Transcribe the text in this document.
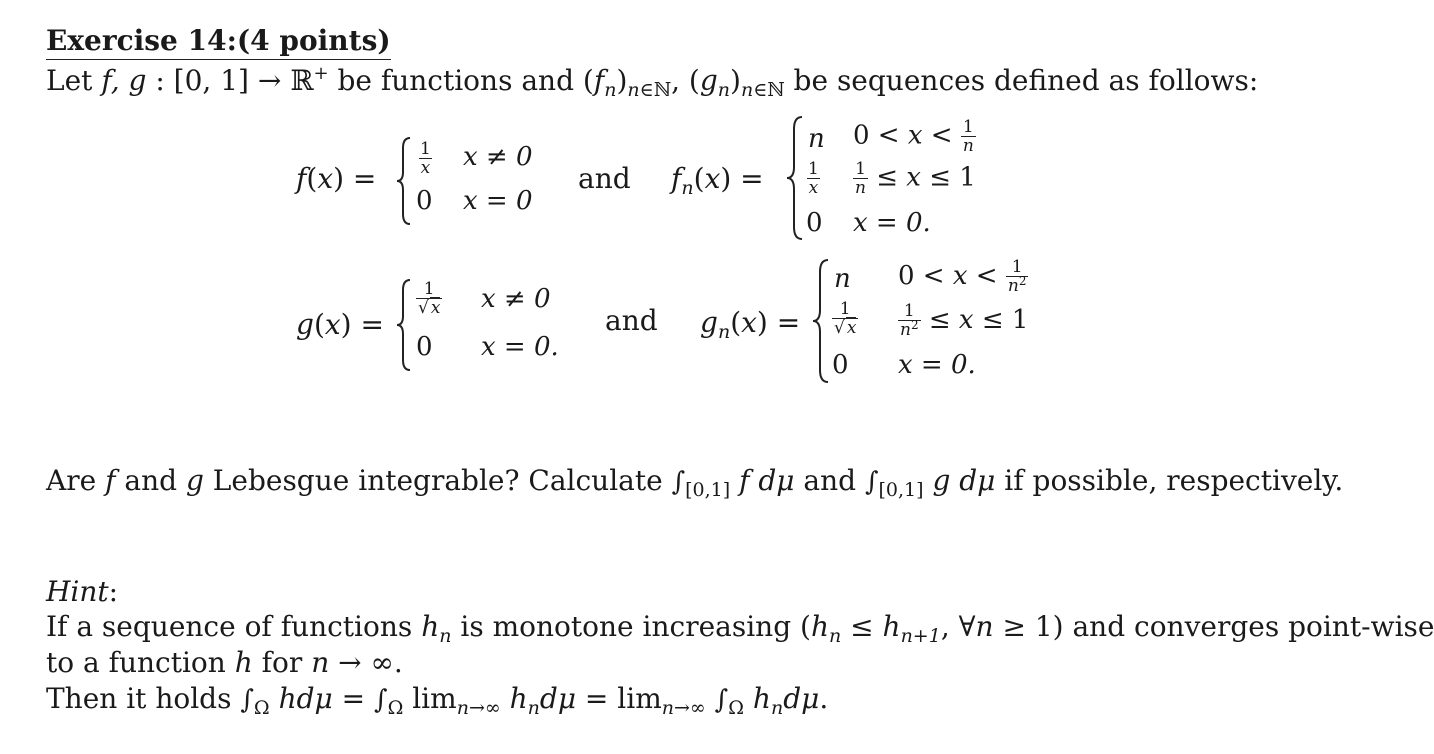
Exercise 14:(4 points)
Let f, g : [0, 1] → ℝ+ be functions and $(f_n)_{n\in ℕ}$, $(g_n)_{n\in ℕ}$ be sequences defined as follows:
f(x) =
$\frac{1}{x}$ x ≠ 0
0 x = 0
and $f_n(x)$ =
n $0 < x < \frac{1}{n}$
$\frac{1}{x} \frac{1}{n} \le x \le 1$
0 x = 0.
g(x) =
$\frac{1}{√ x}$ x ≠ 0
0 x = 0.
and $g_n(x)$ =
n $0 < x < \frac{1}{n^2}$
$\frac{1}{√ x} \frac{1}{n^2} \le x \le 1$
0 x = 0.
Are f and g Lebesgue integrable? Calculate $\int_{[0,1]}$ f dμ and $\int_{[0,1]}$ g dμ if possible, respectively.
Hint:
If a sequence of functions $h_n$ is monotone increasing ($h_n \le h_{n+1}$, ∀n ≥ 1) and converges point-wise
to a function h for n → ∞.
Then it holds $\int_\Omega$ $hd\mu = \int_\Omega$ $\lim_{n\to\infty} h_nd\mu = \lim_{n\to\infty} \int_\Omega$ $h_nd\mu$.
